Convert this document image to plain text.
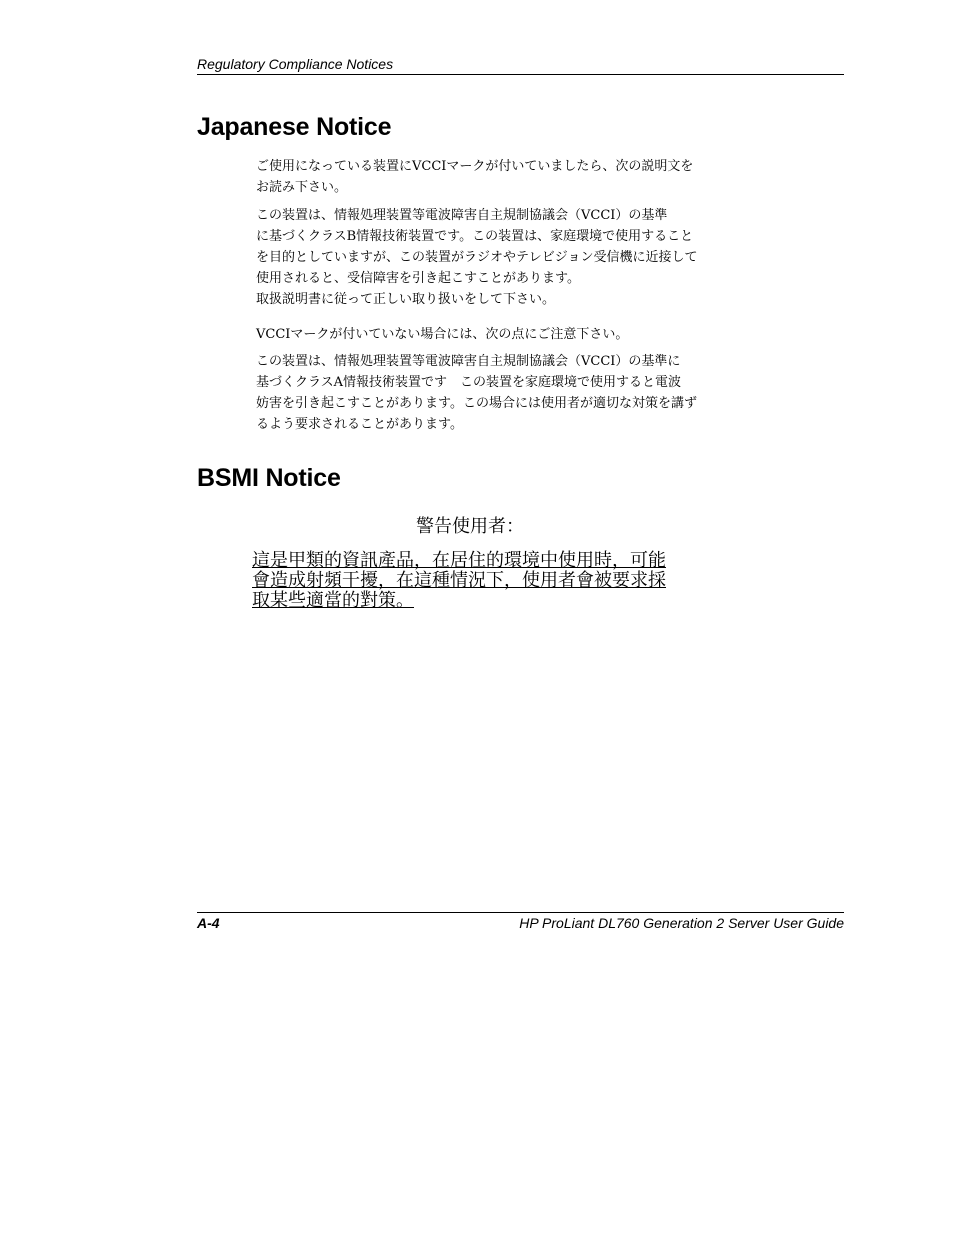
Regulatory Compliance Notices
Japanese Notice

ご使用になっている装置にVCCIマークが付いていましたら、次の説明文を
お読み下さい。

この装置は、情報処理装置等電波障害自主規制協議会（VCCI）の基準
に基づくクラスB情報技術装置です。この装置は、家庭環境で使用すること
を目的としていますが、この装置がラジオやテレビジョン受信機に近接して
使用されると、受信障害を引き起こすことがあります。
取扱説明書に従って正しい取り扱いをして下さい。

VCCIマークが付いていない場合には、次の点にご注意下さい。

この装置は、情報処理装置等電波障害自主規制協議会（VCCI）の基準に
基づくクラスA情報技術装置です　この装置を家庭環境で使用すると電波
妨害を引き起こすことがあります。この場合には使用者が適切な対策を講ず
るよう要求されることがあります。

BSMI Notice
警告使用者：
這是甲類的資訊產品，在居住的環境中使用時，可能
會造成射頻干擾，在這種情況下，使用者會被要求採
取某些適當的對策。
A-4	HP ProLiant DL760 Generation 2 Server User Guide
